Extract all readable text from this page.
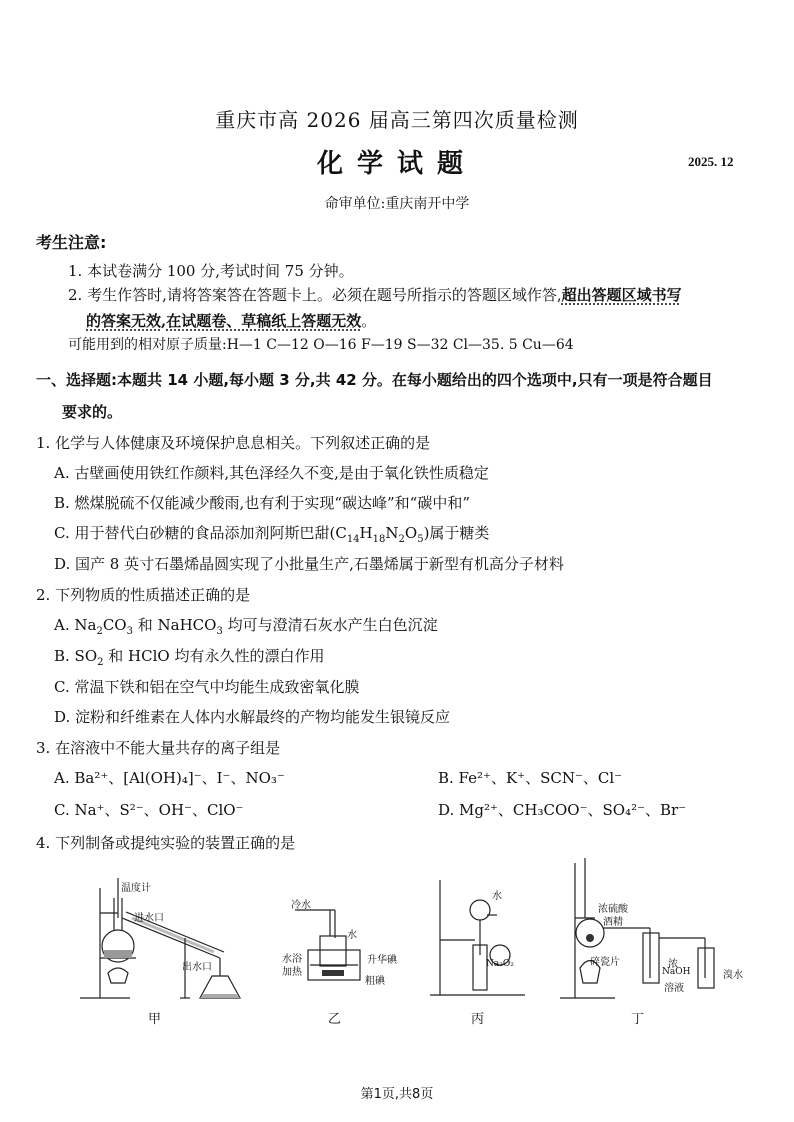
重庆市高 2026 届高三第四次质量检测
化学试题	2025. 12
命审单位:重庆南开中学
考生注意:
1. 本试卷满分 100 分,考试时间 75 分钟。
2. 考生作答时,请将答案答在答题卡上。必须在题号所指示的答题区域作答,超出答题区域书写
的答案无效,在试题卷、草稿纸上答题无效。
可能用到的相对原子质量:H—1 C—12 O—16 F—19 S—32 Cl—35. 5 Cu—64
一、选择题:本题共 14 小题,每小题 3 分,共 42 分。在每小题给出的四个选项中,只有一项是符合题目
要求的。
1. 化学与人体健康及环境保护息息相关。下列叙述正确的是
A. 古壁画使用铁红作颜料,其色泽经久不变,是由于氧化铁性质稳定
B. 燃煤脱硫不仅能减少酸雨,也有利于实现“碳达峰”和“碳中和”
C. 用于替代白砂糖的食品添加剂阿斯巴甜$(C_{14}H_{18}N_2O_5)$属于糖类
D. 国产 8 英寸石墨烯晶圆实现了小批量生产,石墨烯属于新型有机高分子材料
2. 下列物质的性质描述正确的是
A. $Na_2CO_3$ 和 NaHCO$_3$ 均可与澄清石灰水产生白色沉淀
B. $SO_2$ 和 HClO 均有永久性的漂白作用
C. 常温下铁和铝在空气中均能生成致密氧化膜
D. 淀粉和纤维素在人体内水解最终的产物均能发生银镜反应
3. 在溶液中不能大量共存的离子组是
A. Ba²⁺、[Al(OH)₄]⁻、I⁻、NO₃⁻	B. Fe²⁺、K⁺、SCN⁻、Cl⁻
C. Na⁺、S²⁻、OH⁻、ClO⁻	D. Mg²⁺、CH₃COO⁻、SO₄²⁻、Br⁻
4. 下列制备或提纯实验的装置正确的是
温度计
进水口
出水口
甲
冷水
水
水浴
加热
升华碘
粗碘
乙
水
Na₂O₂
丙
浓硫酸
酒精
碎瓷片	浓
NaOH
溶液
溴水
丁
第1页,共8页
